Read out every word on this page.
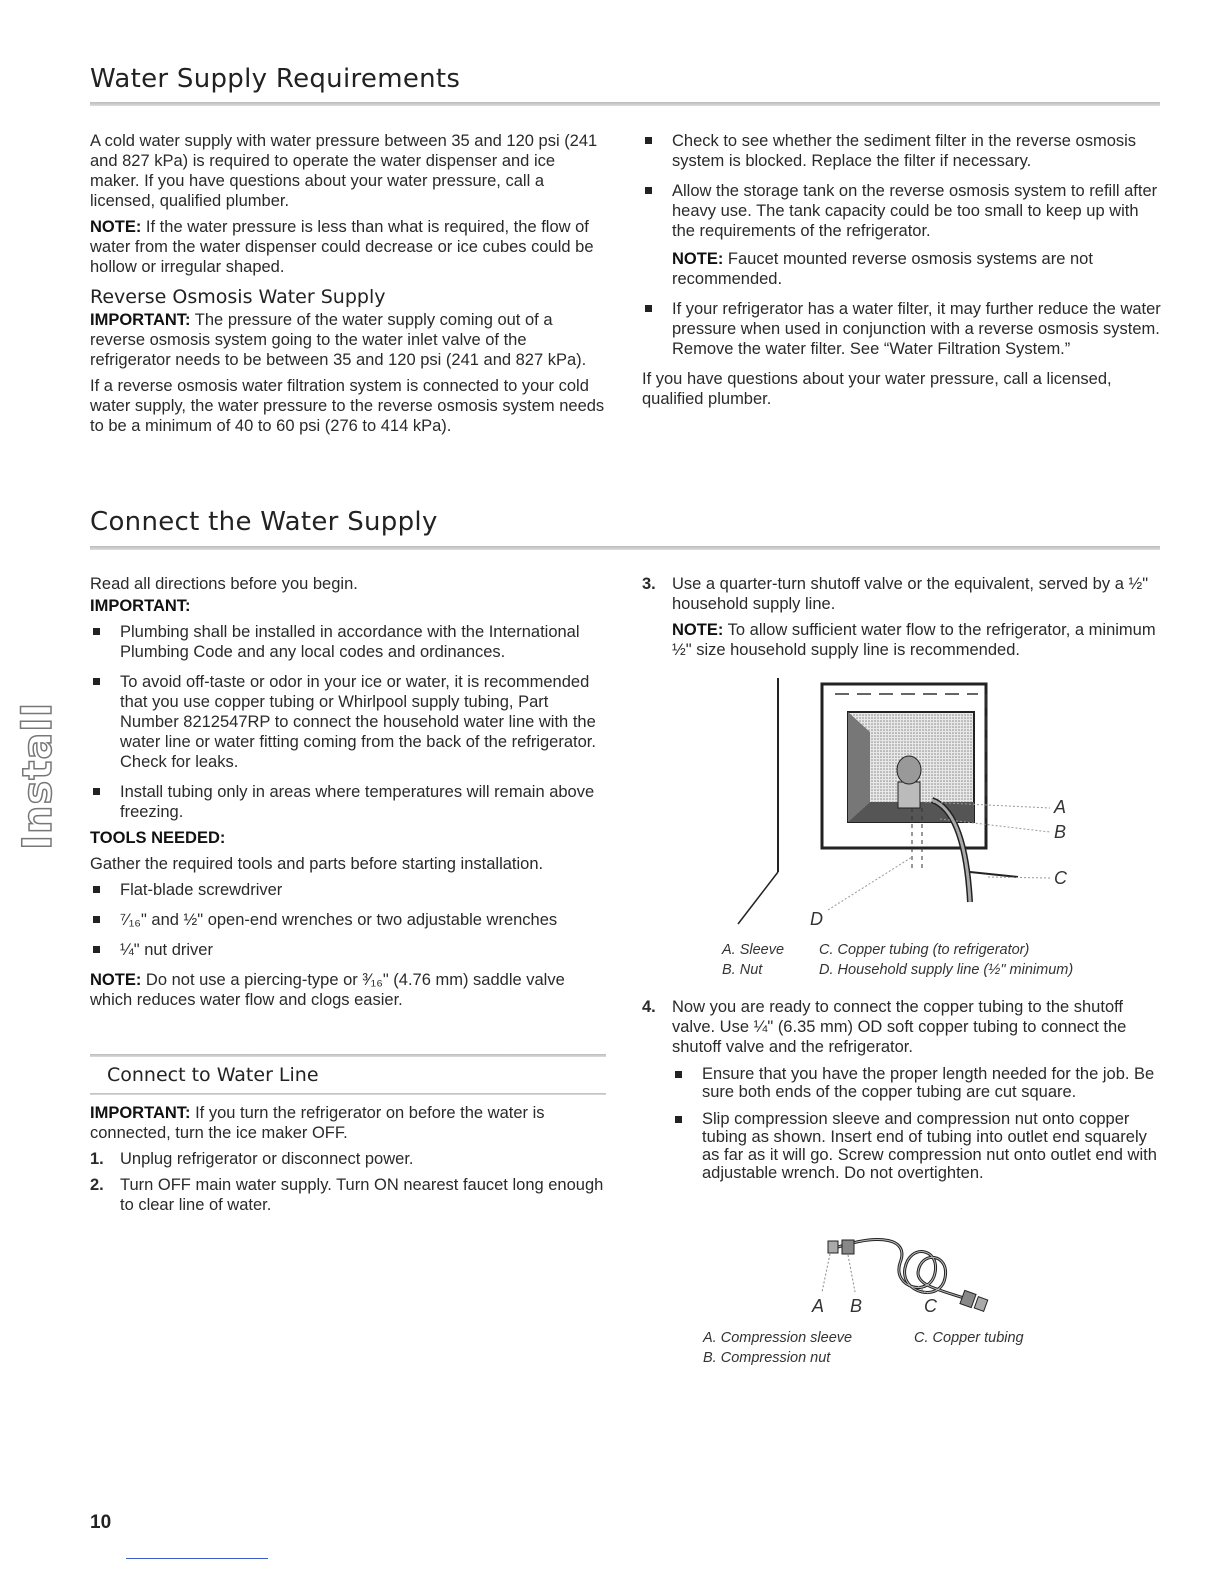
Water Supply Requirements
A cold water supply with water pressure between 35 and 120 psi (241 and 827 kPa) is required to operate the water dispenser and ice maker. If you have questions about your water pressure, call a licensed, qualified plumber.
NOTE: If the water pressure is less than what is required, the flow of water from the water dispenser could decrease or ice cubes could be hollow or irregular shaped.
Reverse Osmosis Water Supply
IMPORTANT: The pressure of the water supply coming out of a reverse osmosis system going to the water inlet valve of the refrigerator needs to be between 35 and 120 psi (241 and 827 kPa).
If a reverse osmosis water filtration system is connected to your cold water supply, the water pressure to the reverse osmosis system needs to be a minimum of 40 to 60 psi (276 to 414 kPa).
Check to see whether the sediment filter in the reverse osmosis system is blocked. Replace the filter if necessary.
Allow the storage tank on the reverse osmosis system to refill after heavy use. The tank capacity could be too small to keep up with the requirements of the refrigerator.
NOTE: Faucet mounted reverse osmosis systems are not recommended.
If your refrigerator has a water filter, it may further reduce the water pressure when used in conjunction with a reverse osmosis system. Remove the water filter. See “Water Filtration System.”
If you have questions about your water pressure, call a licensed, qualified plumber.
Connect the Water Supply
Read all directions before you begin.
IMPORTANT:
Plumbing shall be installed in accordance with the International Plumbing Code and any local codes and ordinances.
To avoid off-taste or odor in your ice or water, it is recommended that you use copper tubing or Whirlpool supply tubing, Part Number 8212547RP to connect the household water line with the water line or water fitting coming from the back of the refrigerator. Check for leaks.
Install tubing only in areas where temperatures will remain above freezing.
TOOLS NEEDED:
Gather the required tools and parts before starting installation.
Flat-blade screwdriver
⁷⁄₁₆" and ½" open-end wrenches or two adjustable wrenches
¼" nut driver
NOTE: Do not use a piercing-type or ³⁄₁₆" (4.76 mm) saddle valve which reduces water flow and clogs easier.
Connect to Water Line
IMPORTANT: If you turn the refrigerator on before the water is connected, turn the ice maker OFF.
1. Unplug refrigerator or disconnect power.
2. Turn OFF main water supply. Turn ON nearest faucet long enough to clear line of water.
3. Use a quarter-turn shutoff valve or the equivalent, served by a ½" household supply line.
NOTE: To allow sufficient water flow to the refrigerator, a minimum ½" size household supply line is recommended.
A
B
C
D
A. Sleeve
B. Nut
C. Copper tubing (to refrigerator)
D. Household supply line (½" minimum)
4. Now you are ready to connect the copper tubing to the shutoff valve. Use ¼" (6.35 mm) OD soft copper tubing to connect the shutoff valve and the refrigerator.
Ensure that you have the proper length needed for the job. Be sure both ends of the copper tubing are cut square.
Slip compression sleeve and compression nut onto copper tubing as shown. Insert end of tubing into outlet end squarely as far as it will go. Screw compression nut onto outlet end with adjustable wrench. Do not overtighten.
A B	C
A. Compression sleeve
B. Compression nut
C. Copper tubing
Install
10
